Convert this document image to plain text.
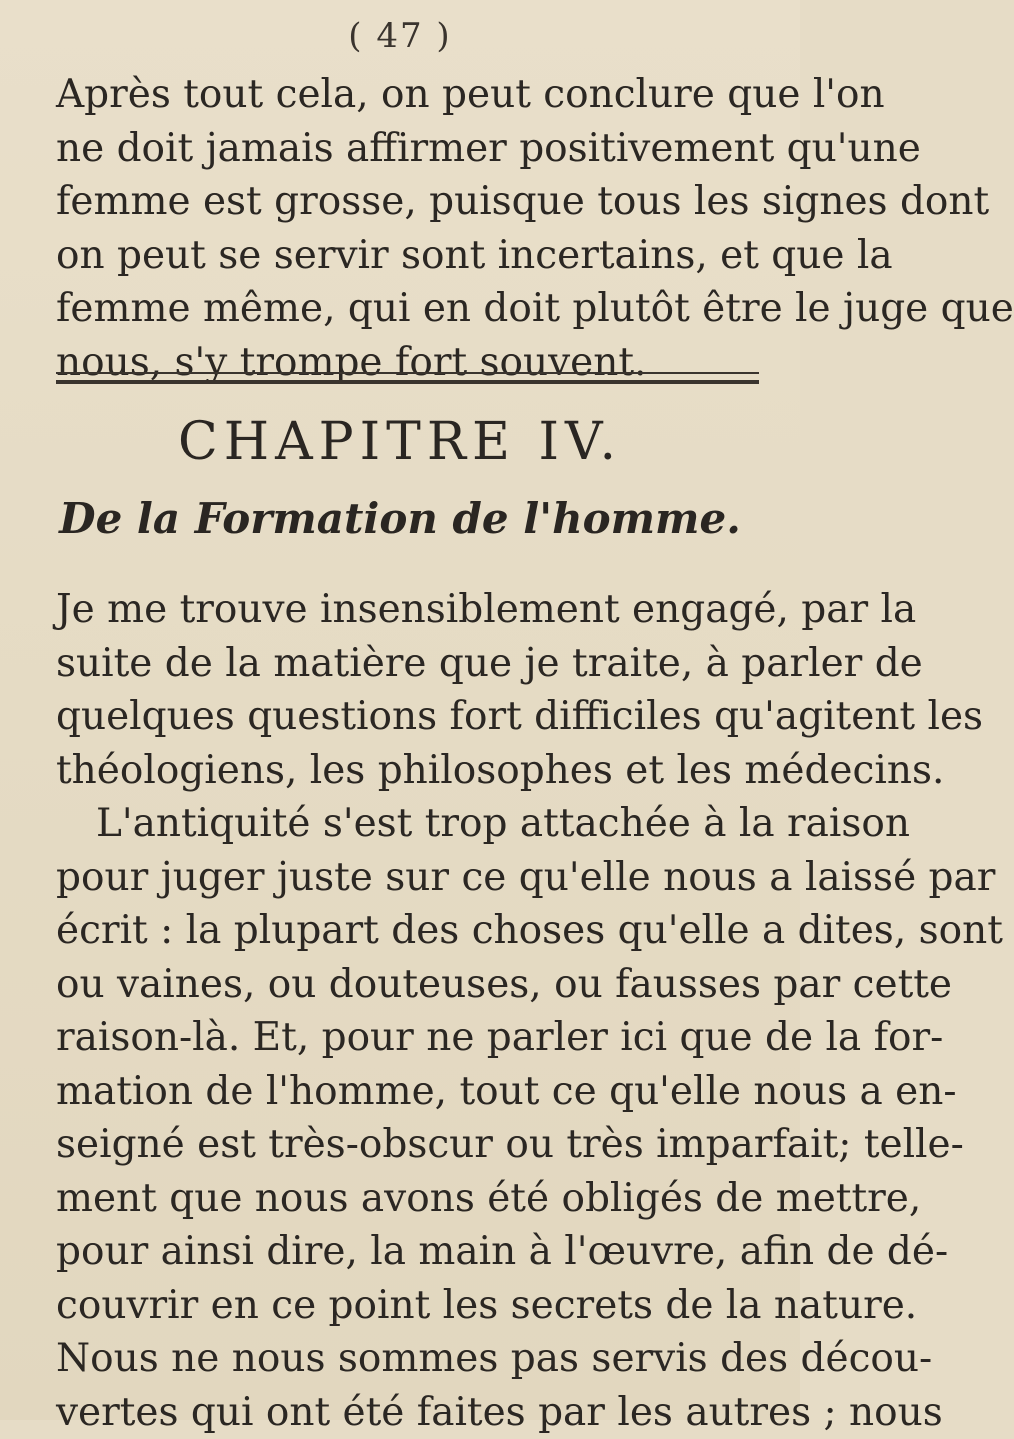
( 47 )
Après tout cela, on peut conclure que l'on
ne doit jamais affirmer positivement qu'une
femme est grosse, puisque tous les signes dont
on peut se servir sont incertains, et que la
femme même, qui en doit plutôt être le juge que
nous, s'y trompe fort souvent.
CHAPITRE IV.
De la Formation de l'homme.
Je me trouve insensiblement engagé, par la
suite de la matière que je traite, à parler de
quelques questions fort difficiles qu'agitent les
théologiens, les philosophes et les médecins.
L'antiquité s'est trop attachée à la raison
pour juger juste sur ce qu'elle nous a laissé par
écrit : la plupart des choses qu'elle a dites, sont
ou vaines, ou douteuses, ou fausses par cette
raison-là. Et, pour ne parler ici que de la for-
mation de l'homme, tout ce qu'elle nous a en-
seigné est très-obscur ou très imparfait; telle-
ment que nous avons été obligés de mettre,
pour ainsi dire, la main à l'œuvre, afin de dé-
couvrir en ce point les secrets de la nature.
Nous ne nous sommes pas servis des décou-
vertes qui ont été faites par les autres ; nous
